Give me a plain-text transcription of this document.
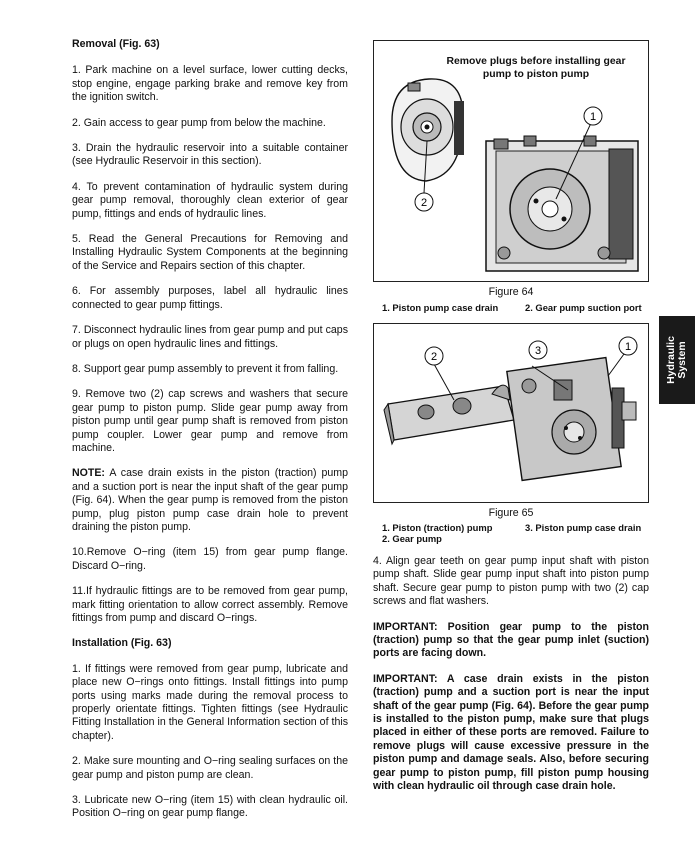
Removal (Fig. 63)

1. Park machine on a level surface, lower cutting decks, stop engine, engage parking brake and remove key from the ignition switch.

2. Gain access to gear pump from below the machine.

3. Drain the hydraulic reservoir into a suitable container (see Hydraulic Reservoir in this section).

4. To prevent contamination of hydraulic system during gear pump removal, thoroughly clean exterior of gear pump, fittings and ends of hydraulic lines.

5. Read the General Precautions for Removing and Installing Hydraulic System Components at the beginning of the Service and Repairs section of this chapter.

6. For assembly purposes, label all hydraulic lines connected to gear pump fittings.

7. Disconnect hydraulic lines from gear pump and put caps or plugs on open hydraulic lines and fittings.

8. Support gear pump assembly to prevent it from falling.

9. Remove two (2) cap screws and washers that secure gear pump to piston pump. Slide gear pump away from piston pump until gear pump shaft is removed from piston pump coupler. Lower gear pump and remove from machine.

NOTE: A case drain exists in the piston (traction) pump and a suction port is near the input shaft of the gear pump (Fig. 64). When the gear pump is removed from the piston pump, plug piston pump case drain hole to prevent draining the piston pump.

10.Remove O−ring (item 15) from gear pump flange. Discard O−ring.

11.If hydraulic fittings are to be removed from gear pump, mark fitting orientation to allow correct assembly. Remove fittings from pump and discard O−rings.

Installation (Fig. 63)

1. If fittings were removed from gear pump, lubricate and place new O−rings onto fittings. Install fittings into pump ports using marks made during the removal process to properly orientate fittings. Tighten fittings (see Hydraulic Fitting Installation in the General Information section of this chapter).

2. Make sure mounting and O−ring sealing surfaces on the gear pump and piston pump are clean.

3. Lubricate new O−ring (item 15) with clean hydraulic oil. Position O−ring on gear pump flange.

Remove plugs before installing gear pump to piston pump
1
2
Figure 64
1. Piston pump case drain	2. Gear pump suction port
3
2
1
Figure 65
1. Piston (traction) pump	3. Piston pump case drain
2. Gear pump

4. Align gear teeth on gear pump input shaft with piston pump shaft. Slide gear pump input shaft into piston pump shaft. Secure gear pump to piston pump with two (2) cap screws and flat washers.

IMPORTANT: Position gear pump to the piston (traction) pump so that the gear pump inlet (suction) ports are facing down.

IMPORTANT: A case drain exists in the piston (traction) pump and a suction port is near the input shaft of the gear pump (Fig. 64). Before the gear pump is installed to the piston pump, make sure that plugs placed in either of these ports are removed. Failure to remove plugs will cause excessive pressure in the piston pump and damage seals. Also, before securing gear pump to piston pump, fill piston pump housing with clean hydraulic oil through case drain hole.

Hydraulic System
